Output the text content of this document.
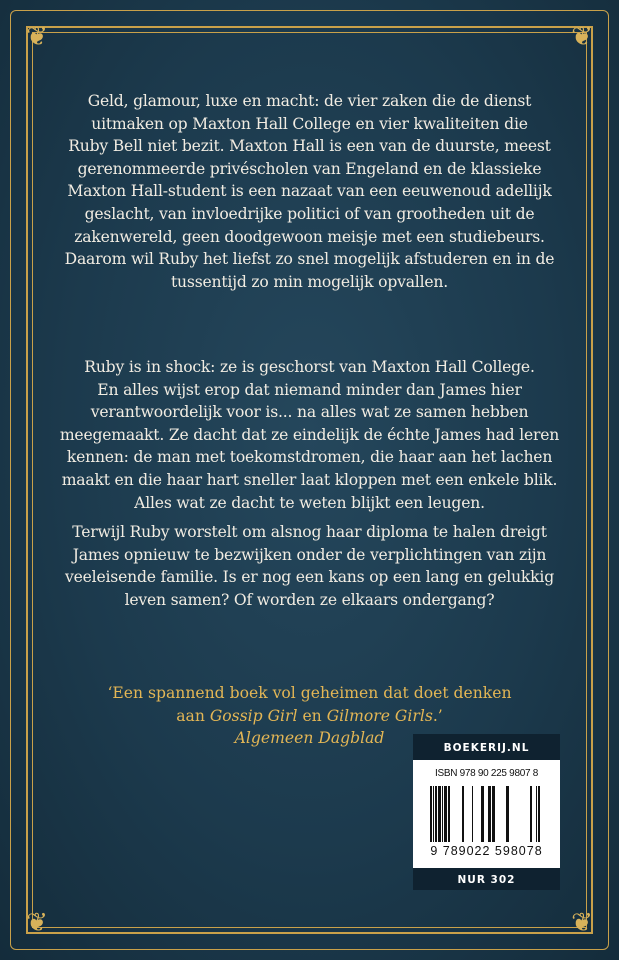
❦	❦
❦	❦
Geld, glamour, luxe en macht: de vier zaken die de dienst
uitmaken op Maxton Hall College en vier kwaliteiten die
Ruby Bell niet bezit. Maxton Hall is een van de duurste, meest
gerenommeerde privéscholen van Engeland en de klassieke
Maxton Hall-student is een nazaat van een eeuwenoud adellijk
geslacht, van invloedrijke politici of van grootheden uit de
zakenwereld, geen doodgewoon meisje met een studiebeurs.
Daarom wil Ruby het liefst zo snel mogelijk afstuderen en in de
tussentijd zo min mogelijk opvallen.
Ruby is in shock: ze is geschorst van Maxton Hall College.
En alles wijst erop dat niemand minder dan James hier
verantwoordelijk voor is... na alles wat ze samen hebben
meegemaakt. Ze dacht dat ze eindelijk de échte James had leren
kennen: de man met toekomstdromen, die haar aan het lachen
maakt en die haar hart sneller laat kloppen met een enkele blik.
Alles wat ze dacht te weten blijkt een leugen.
Terwijl Ruby worstelt om alsnog haar diploma te halen dreigt
James opnieuw te bezwijken onder de verplichtingen van zijn
veeleisende familie. Is er nog een kans op een lang en gelukkig
leven samen? Of worden ze elkaars ondergang?
‘Een spannend boek vol geheimen dat doet denken
aan Gossip Girl en Gilmore Girls.’
Algemeen Dagblad
BOEKERIJ.NL
ISBN 978 90 225 9807 8
9 789022 598078
NUR 302
